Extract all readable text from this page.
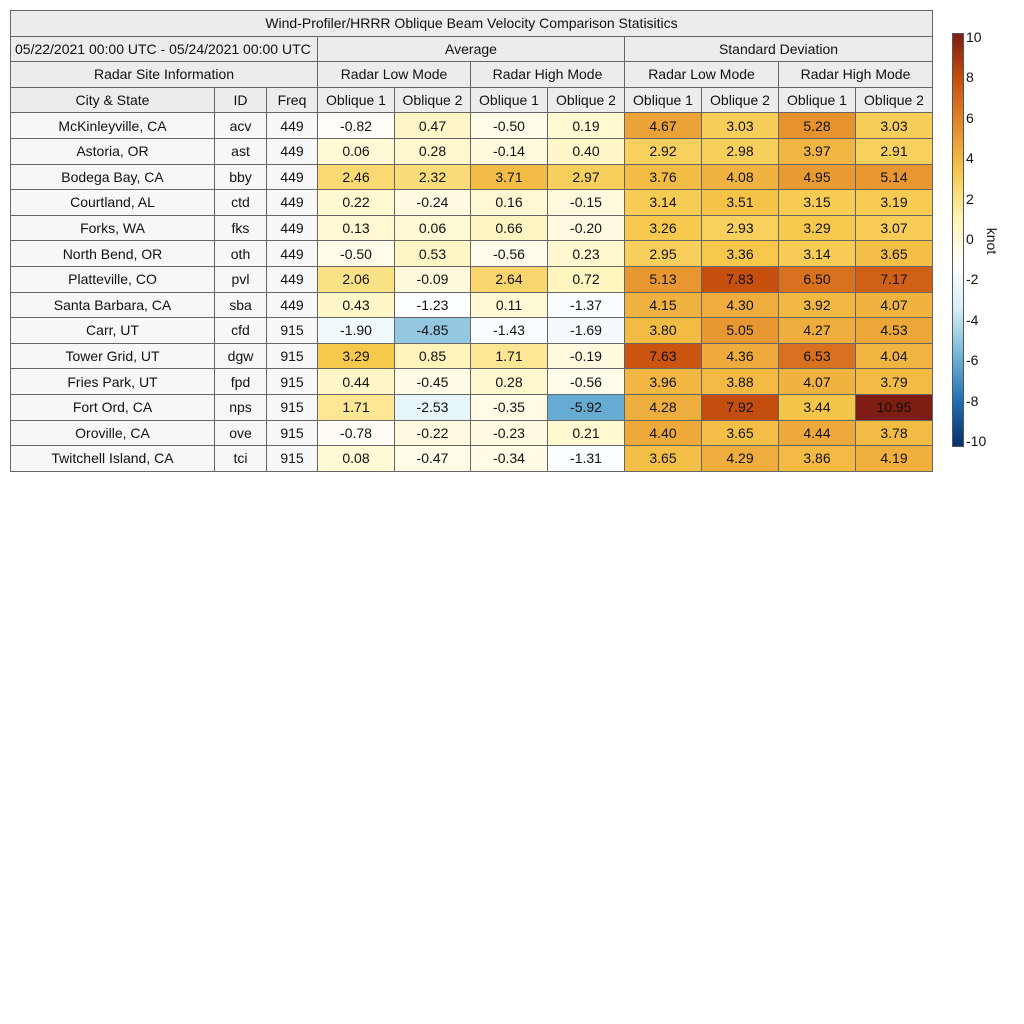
Wind-Profiler/HRRR Oblique Beam Velocity Comparison Statisitics										
05/22/2021 00:00 UTC - 05/24/2021 00:00 UTC			Average				Standard Deviation			
Radar Site Information			Radar Low Mode		Radar High Mode		Radar Low Mode		Radar High Mode	
City & State	ID	Freq	Oblique 1	Oblique 2	Oblique 1	Oblique 2	Oblique 1	Oblique 2	Oblique 1	Oblique 2
McKinleyville, CA	acv	449	-0.82	0.47	-0.50	0.19	4.67	3.03	5.28	3.03
Astoria, OR	ast	449	0.06	0.28	-0.14	0.40	2.92	2.98	3.97	2.91
Bodega Bay, CA	bby	449	2.46	2.32	3.71	2.97	3.76	4.08	4.95	5.14
Courtland, AL	ctd	449	0.22	-0.24	0.16	-0.15	3.14	3.51	3.15	3.19
Forks, WA	fks	449	0.13	0.06	0.66	-0.20	3.26	2.93	3.29	3.07
North Bend, OR	oth	449	-0.50	0.53	-0.56	0.23	2.95	3.36	3.14	3.65
Platteville, CO	pvl	449	2.06	-0.09	2.64	0.72	5.13	7.83	6.50	7.17
Santa Barbara, CA	sba	449	0.43	-1.23	0.11	-1.37	4.15	4.30	3.92	4.07
Carr, UT	cfd	915	-1.90	-4.85	-1.43	-1.69	3.80	5.05	4.27	4.53
Tower Grid, UT	dgw	915	3.29	0.85	1.71	-0.19	7.63	4.36	6.53	4.04
Fries Park, UT	fpd	915	0.44	-0.45	0.28	-0.56	3.96	3.88	4.07	3.79
Fort Ord, CA	nps	915	1.71	-2.53	-0.35	-5.92	4.28	7.92	3.44	10.95
Oroville, CA	ove	915	-0.78	-0.22	-0.23	0.21	4.40	3.65	4.44	3.78
Twitchell Island, CA	tci	915	0.08	-0.47	-0.34	-1.31	3.65	4.29	3.86	4.19
10
8
6
4
2
0
-2
-4
-6
-8
-10
knot
